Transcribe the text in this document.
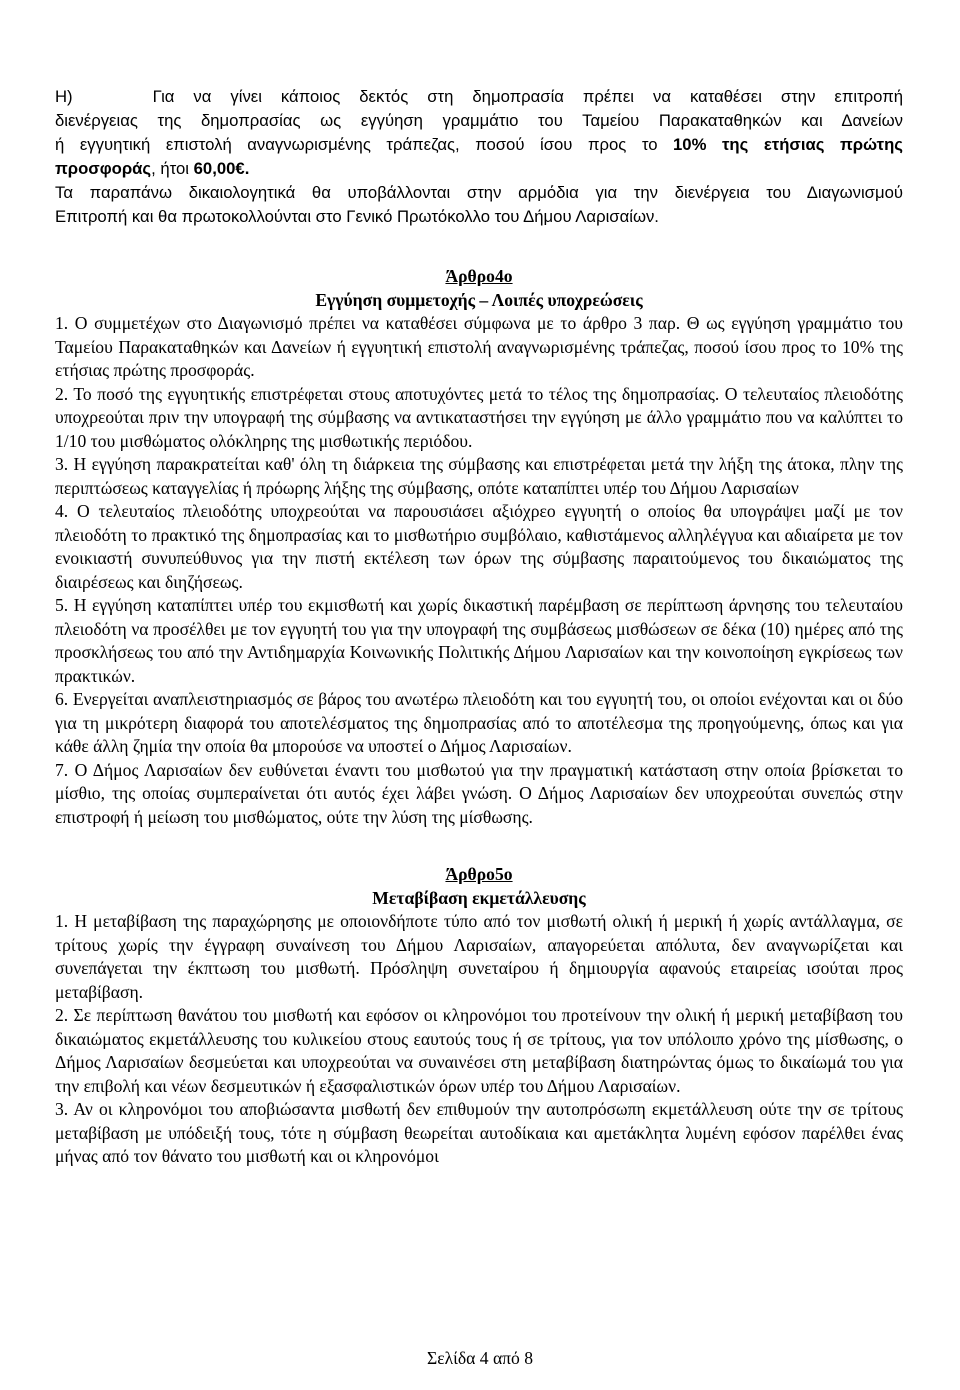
Η)	Για να γίνει κάποιος δεκτός στη δημοπρασία πρέπει να καταθέσει στην επιτροπή

διενέργειας της δημοπρασίας ως εγγύηση γραμμάτιο του Ταμείου Παρακαταθηκών και Δανείων

ή εγγυητική επιστολή αναγνωρισμένης τράπεζας, ποσού ίσου προς το 10% της ετήσιας πρώτης

προσφοράς, ήτοι 60,00€.

Τα παραπάνω δικαιολογητικά θα υποβάλλονται στην αρμόδια για την διενέργεια του Διαγωνισμού

Επιτροπή και θα πρωτοκολλούνται στο Γενικό Πρωτόκολλο του Δήμου Λαρισαίων.

Άρθρο4ο
Εγγύηση συμμετοχής – Λοιπές υποχρεώσεις

1. Ο συμμετέχων στο Διαγωνισμό πρέπει να καταθέσει σύμφωνα με το άρθρο 3 παρ. Θ ως εγγύηση γραμμάτιο του Ταμείου Παρακαταθηκών και Δανείων ή εγγυητική επιστολή αναγνωρισμένης τράπεζας, ποσού ίσου προς το 10% της ετήσιας πρώτης προσφοράς.

2. Το ποσό της εγγυητικής επιστρέφεται στους αποτυχόντες μετά το τέλος της δημοπρασίας. Ο τελευταίος πλειοδότης υποχρεούται πριν την υπογραφή της σύμβασης να αντικαταστήσει την εγγύηση με άλλο γραμμάτιο που να καλύπτει το 1/10 του μισθώματος ολόκληρης της μισθωτικής περιόδου.

3. Η εγγύηση παρακρατείται καθ' όλη τη διάρκεια της σύμβασης και επιστρέφεται μετά την λήξη της άτοκα, πλην της περιπτώσεως καταγγελίας ή πρόωρης λήξης της σύμβασης, οπότε καταπίπτει υπέρ του Δήμου Λαρισαίων

4. Ο τελευταίος πλειοδότης υποχρεούται να παρουσιάσει αξιόχρεο εγγυητή ο οποίος θα υπογράψει μαζί με τον πλειοδότη το πρακτικό της δημοπρασίας και το μισθωτήριο συμβόλαιο, καθιστάμενος αλληλέγγυα και αδιαίρετα με τον ενοικιαστή συνυπεύθυνος για την πιστή εκτέλεση των όρων της σύμβασης παραιτούμενος του δικαιώματος της διαιρέσεως και διηζήσεως.

5. Η εγγύηση καταπίπτει υπέρ του εκμισθωτή και χωρίς δικαστική παρέμβαση σε περίπτωση άρνησης του τελευταίου πλειοδότη να προσέλθει με τον εγγυητή του για την υπογραφή της συμβάσεως μισθώσεων σε δέκα (10) ημέρες από της προσκλήσεως του από την Αντιδημαρχία Κοινωνικής Πολιτικής Δήμου Λαρισαίων και την κοινοποίηση εγκρίσεως των πρακτικών.

6. Ενεργείται αναπλειστηριασμός σε βάρος του ανωτέρω πλειοδότη και του εγγυητή του, οι οποίοι ενέχονται και οι δύο για τη μικρότερη διαφορά του αποτελέσματος της δημοπρασίας από το αποτέλεσμα της προηγούμενης, όπως και για κάθε άλλη ζημία την οποία θα μπορούσε να υποστεί ο Δήμος Λαρισαίων.

7. Ο Δήμος Λαρισαίων δεν ευθύνεται έναντι του μισθωτού για την πραγματική κατάσταση στην οποία βρίσκεται το μίσθιο, της οποίας συμπεραίνεται ότι αυτός έχει λάβει γνώση. Ο Δήμος Λαρισαίων δεν υποχρεούται συνεπώς στην επιστροφή ή μείωση του μισθώματος, ούτε την λύση της μίσθωσης.

Άρθρο5ο
Μεταβίβαση εκμετάλλευσης

1. Η μεταβίβαση της παραχώρησης με οποιονδήποτε τύπο από τον μισθωτή ολική ή μερική ή χωρίς αντάλλαγμα, σε τρίτους χωρίς την έγγραφη συναίνεση του Δήμου Λαρισαίων, απαγορεύεται απόλυτα, δεν αναγνωρίζεται και συνεπάγεται την έκπτωση του μισθωτή. Πρόσληψη συνεταίρου ή δημιουργία αφανούς εταιρείας ισούται προς μεταβίβαση.

2. Σε περίπτωση θανάτου του μισθωτή και εφόσον οι κληρονόμοι του προτείνουν την ολική ή μερική μεταβίβαση του δικαιώματος εκμετάλλευσης του κυλικείου στους εαυτούς τους ή σε τρίτους, για τον υπόλοιπο χρόνο της μίσθωσης, ο Δήμος Λαρισαίων δεσμεύεται και υποχρεούται να συναινέσει στη μεταβίβαση διατηρώντας όμως το δικαίωμά του για την επιβολή και νέων δεσμευτικών ή εξασφαλιστικών όρων υπέρ του Δήμου Λαρισαίων.

3. Αν οι κληρονόμοι του αποβιώσαντα μισθωτή δεν επιθυμούν την αυτοπρόσωπη εκμετάλλευση ούτε την σε τρίτους μεταβίβαση με υπόδειξή τους, τότε η σύμβαση θεωρείται αυτοδίκαια και αμετάκλητα λυμένη εφόσον παρέλθει ένας μήνας από τον θάνατο του μισθωτή και οι κληρονόμοι

Σελίδα 4 από 8
